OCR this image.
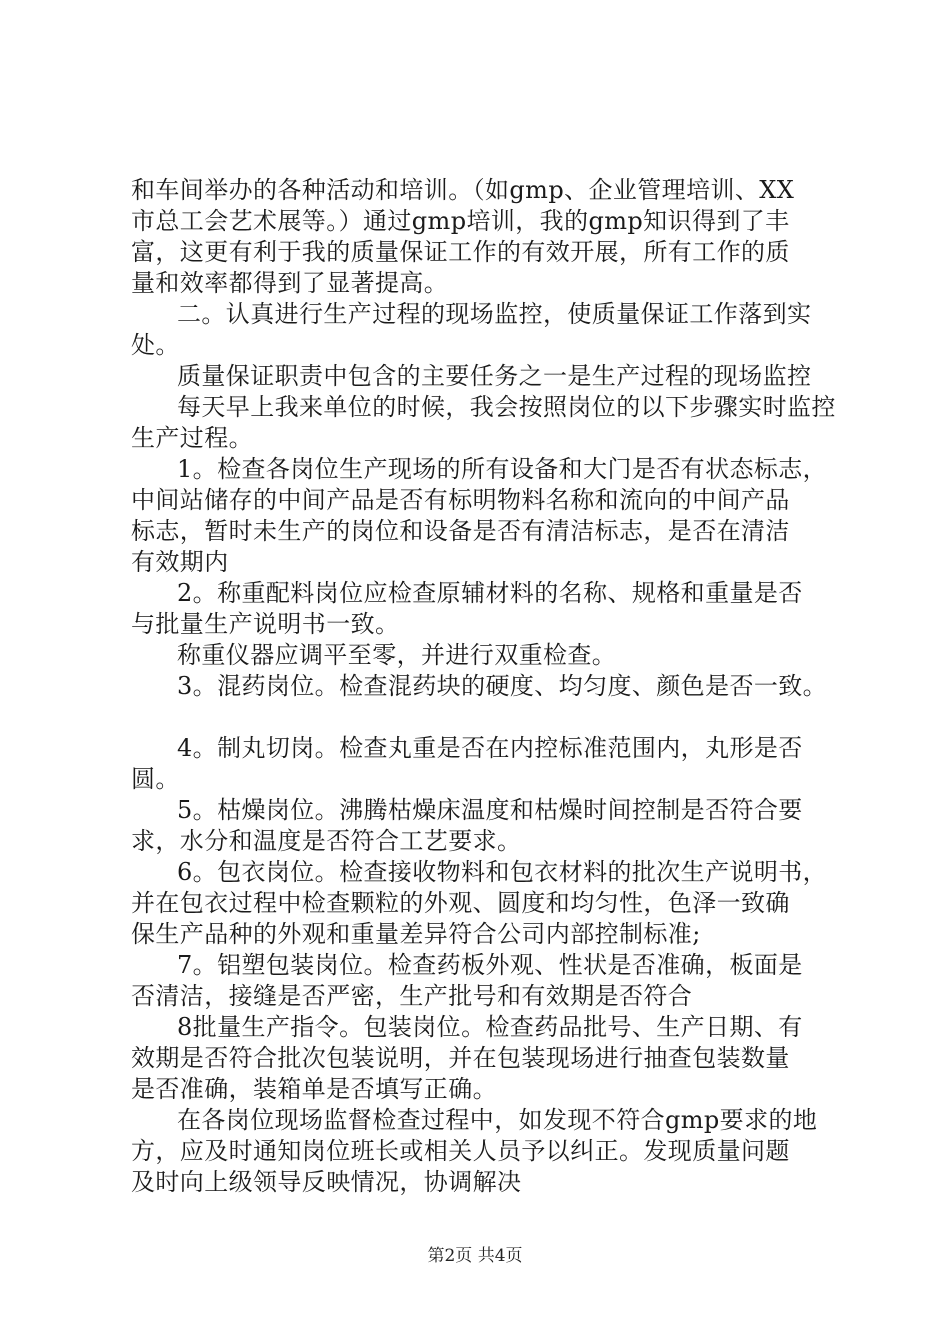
和车间举办的各种活动和培训。（如gmp、企业管理培训、XX
市总工会艺术展等。）通过gmp培训，我的gmp知识得到了丰
富，这更有利于我的质量保证工作的有效开展，所有工作的质
量和效率都得到了显著提高。
二。认真进行生产过程的现场监控，使质量保证工作落到实
处。
质量保证职责中包含的主要任务之一是生产过程的现场监控
每天早上我来单位的时候，我会按照岗位的以下步骤实时监控
生产过程。
1。检查各岗位生产现场的所有设备和大门是否有状态标志，
中间站储存的中间产品是否有标明物料名称和流向的中间产品
标志，暂时未生产的岗位和设备是否有清洁标志，是否在清洁
有效期内
2。称重配料岗位应检查原辅材料的名称、规格和重量是否
与批量生产说明书一致。
称重仪器应调平至零，并进行双重检查。
3。混药岗位。检查混药块的硬度、均匀度、颜色是否一致。
4。制丸切岗。检查丸重是否在内控标准范围内，丸形是否
圆。
5。枯燥岗位。沸腾枯燥床温度和枯燥时间控制是否符合要
求，水分和温度是否符合工艺要求。
6。包衣岗位。检查接收物料和包衣材料的批次生产说明书，
并在包衣过程中检查颗粒的外观、圆度和均匀性，色泽一致确
保生产品种的外观和重量差异符合公司内部控制标准;
7。铝塑包装岗位。检查药板外观、性状是否准确，板面是
否清洁，接缝是否严密，生产批号和有效期是否符合
8批量生产指令。包装岗位。检查药品批号、生产日期、有
效期是否符合批次包装说明，并在包装现场进行抽查包装数量
是否准确，装箱单是否填写正确。
在各岗位现场监督检查过程中，如发现不符合gmp要求的地
方，应及时通知岗位班长或相关人员予以纠正。发现质量问题
及时向上级领导反映情况，协调解决
第2页 共4页
